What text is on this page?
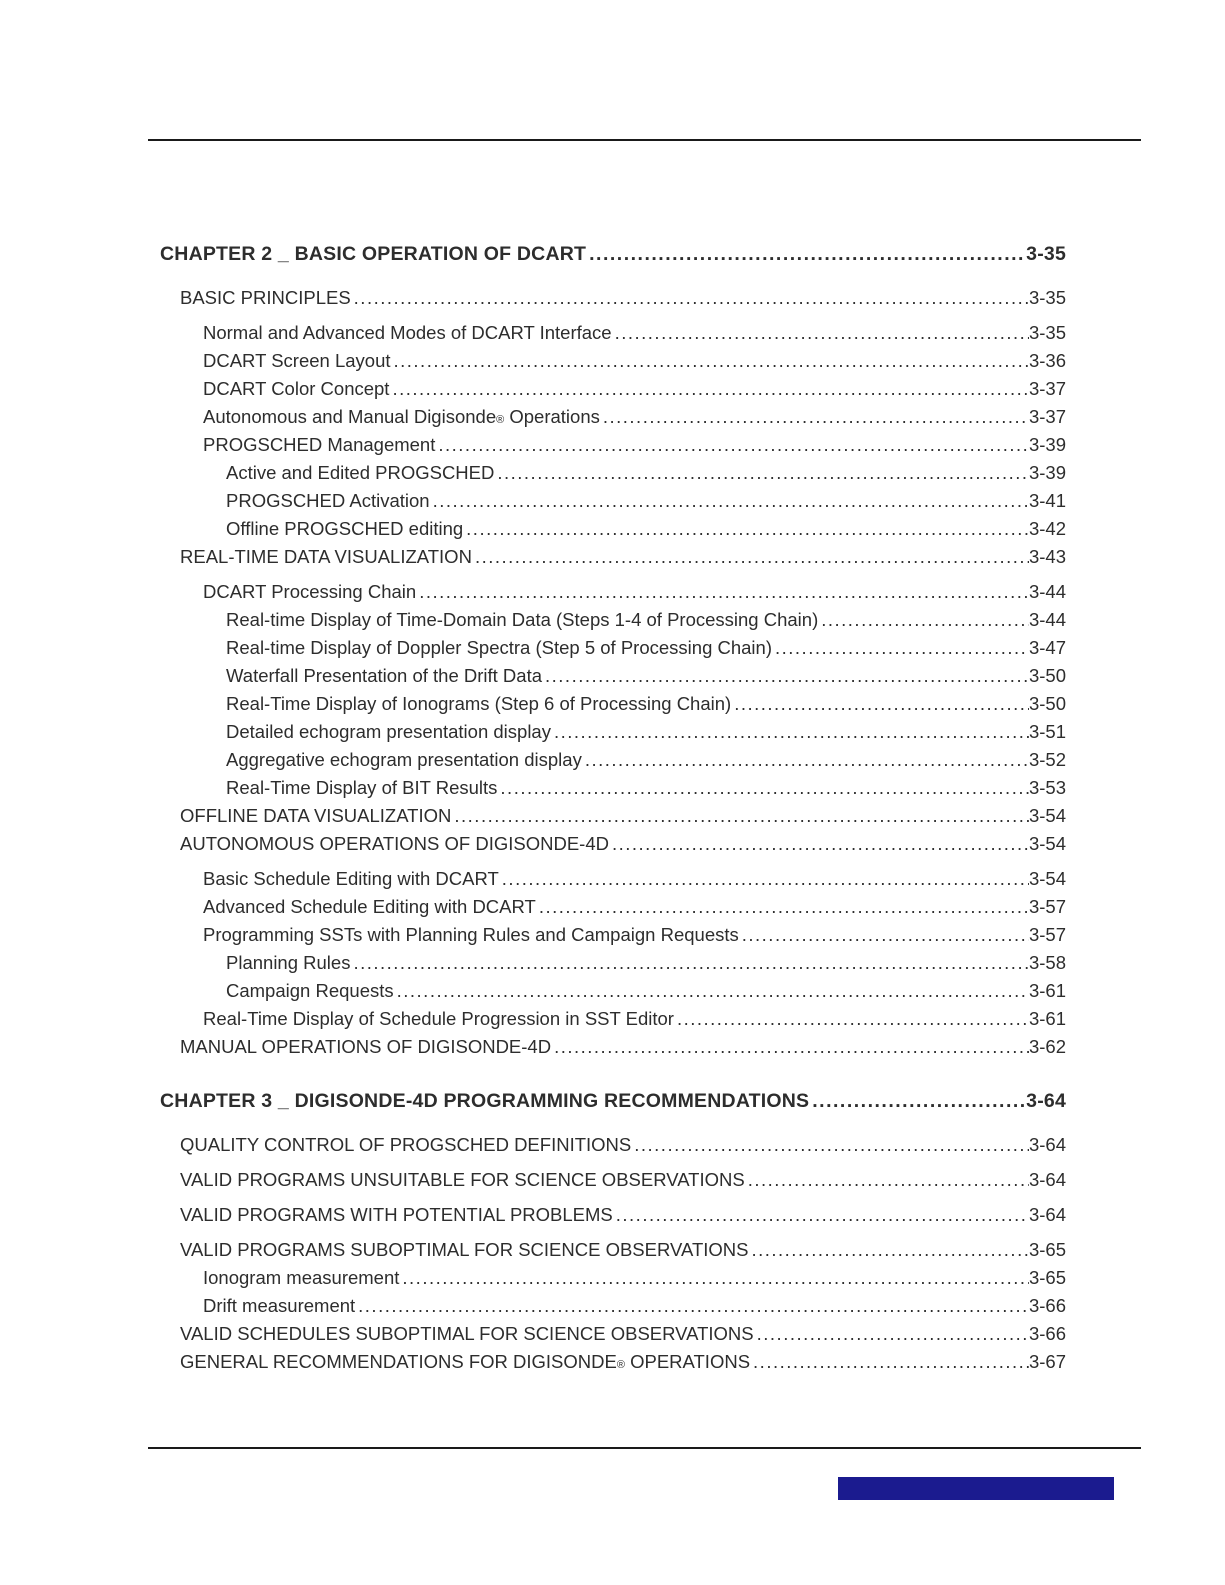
CHAPTER 2 _ BASIC OPERATION OF DCART .....	3-35
BASIC PRINCIPLES .....	3-35
Normal and Advanced Modes of DCART Interface .....	3-35
DCART Screen Layout .....	3-36
DCART Color Concept .....	3-37
Autonomous and Manual Digisonde ® Operations .....	3-37
PROGSCHED Management .....	3-39
Active and Edited PROGSCHED .....	3-39
PROGSCHED Activation .....	3-41
Offline PROGSCHED editing .....	3-42
REAL-TIME DATA VISUALIZATION .....	3-43
DCART Processing Chain .....	3-44
Real-time Display of Time-Domain Data (Steps 1-4 of Processing Chain) .....	3-44
Real-time Display of Doppler Spectra (Step 5 of Processing Chain) .....	3-47
Waterfall Presentation of the Drift Data .....	3-50
Real-Time Display of Ionograms (Step 6 of Processing Chain) .....	3-50
Detailed echogram presentation display .....	3-51
Aggregative echogram presentation display .....	3-52
Real-Time Display of BIT Results .....	3-53
OFFLINE DATA VISUALIZATION .....	3-54
AUTONOMOUS OPERATIONS OF DIGISONDE-4D .....	3-54
Basic Schedule Editing with DCART .....	3-54
Advanced Schedule Editing with DCART .....	3-57
Programming SSTs with Planning Rules and Campaign Requests .....	3-57
Planning Rules .....	3-58
Campaign Requests .....	3-61
Real-Time Display of Schedule Progression in SST Editor .....	3-61
MANUAL OPERATIONS OF DIGISONDE-4D .....	3-62
CHAPTER 3 _ DIGISONDE-4D PROGRAMMING RECOMMENDATIONS .....	3-64
QUALITY CONTROL OF PROGSCHED DEFINITIONS .....	3-64
VALID PROGRAMS UNSUITABLE FOR SCIENCE OBSERVATIONS .....	3-64
VALID PROGRAMS WITH POTENTIAL PROBLEMS .....	3-64
VALID PROGRAMS SUBOPTIMAL FOR SCIENCE OBSERVATIONS .....	3-65
Ionogram measurement .....	3-65
Drift measurement .....	3-66
VALID SCHEDULES SUBOPTIMAL FOR SCIENCE OBSERVATIONS .....	3-66
GENERAL RECOMMENDATIONS FOR DIGISONDE ® OPERATIONS .....	3-67
